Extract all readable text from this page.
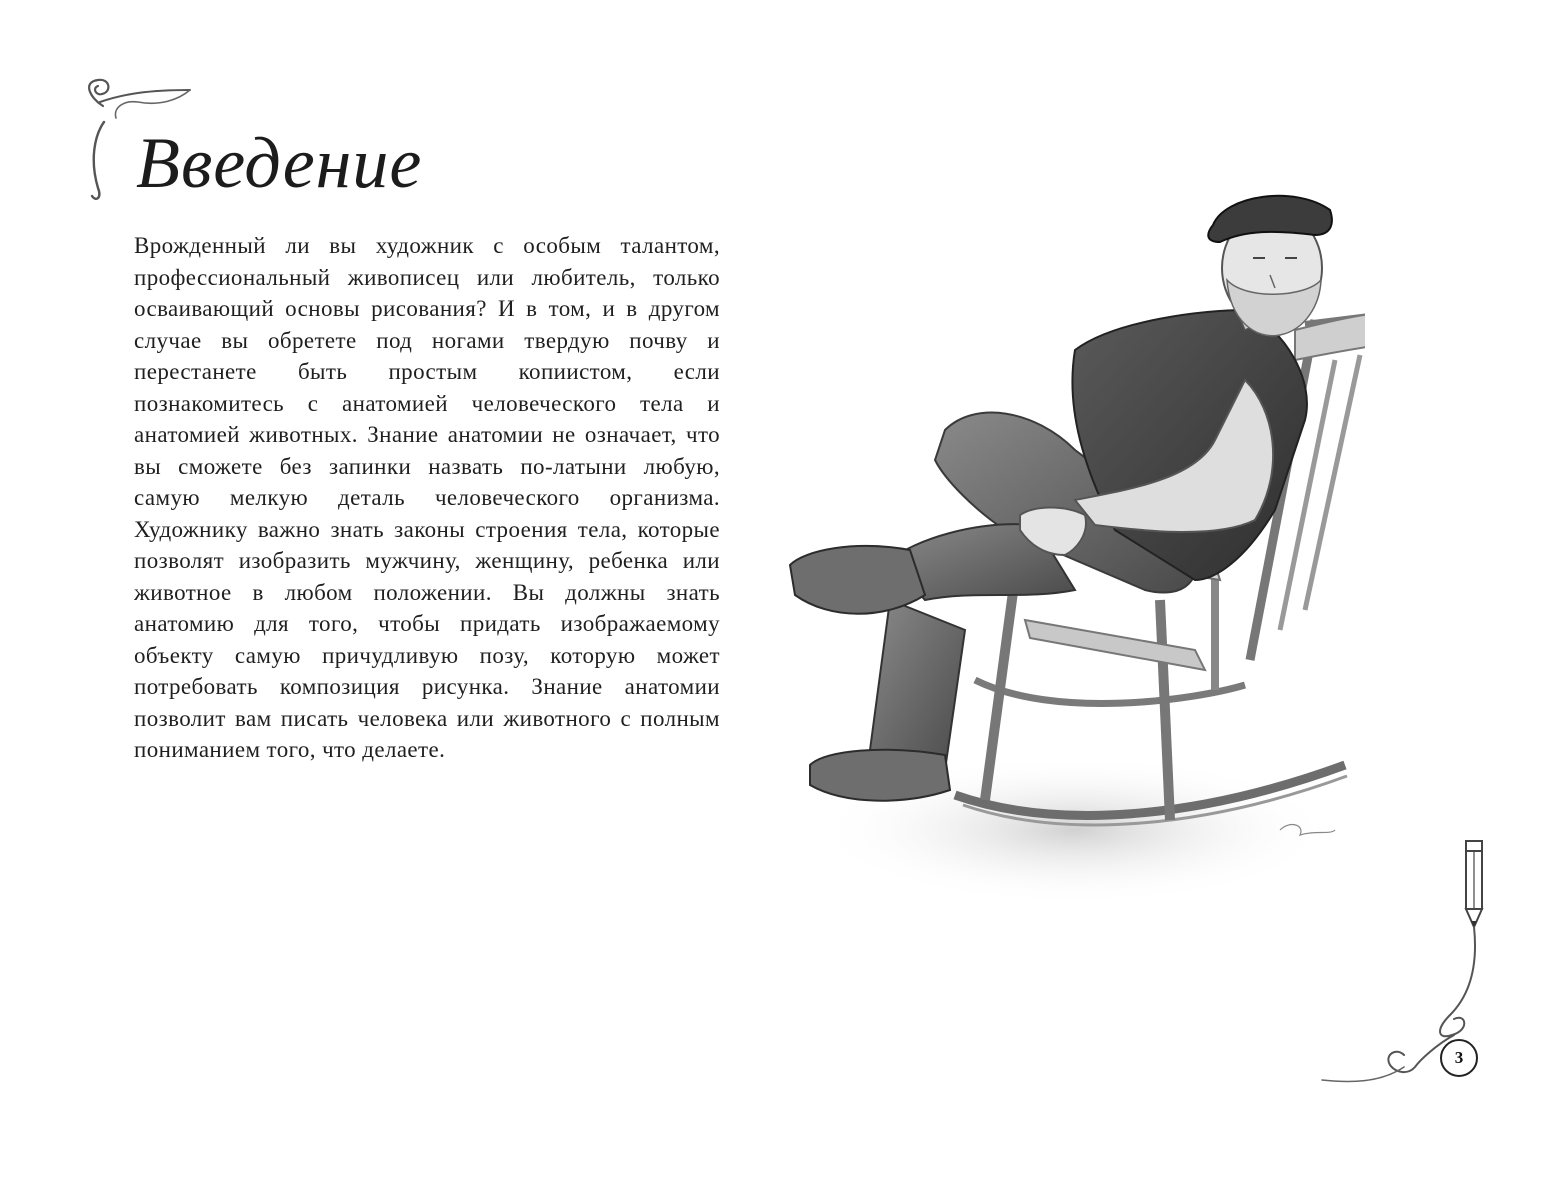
Введение
Врожденный ли вы художник с особым талантом, профессиональный живописец или любитель, только осваивающий основы рисования? И в том, и в другом случае вы обретете под ногами твердую почву и перестанете быть простым копиистом, если познакомитесь с анатомией человеческого тела и анатомией животных. Знание анатомии не означает, что вы сможете без запинки назвать по-латыни любую, самую мелкую деталь человеческого организма. Художнику важно знать законы строения тела, которые позволят изобразить мужчину, женщину, ребенка или животное в любом положении. Вы должны знать анатомию для того, чтобы придать изображаемому объекту самую причудливую позу, которую может потребовать композиция рисунка. Знание анатомии позволит вам писать человека или животного с полным пониманием того, что делаете.
3
